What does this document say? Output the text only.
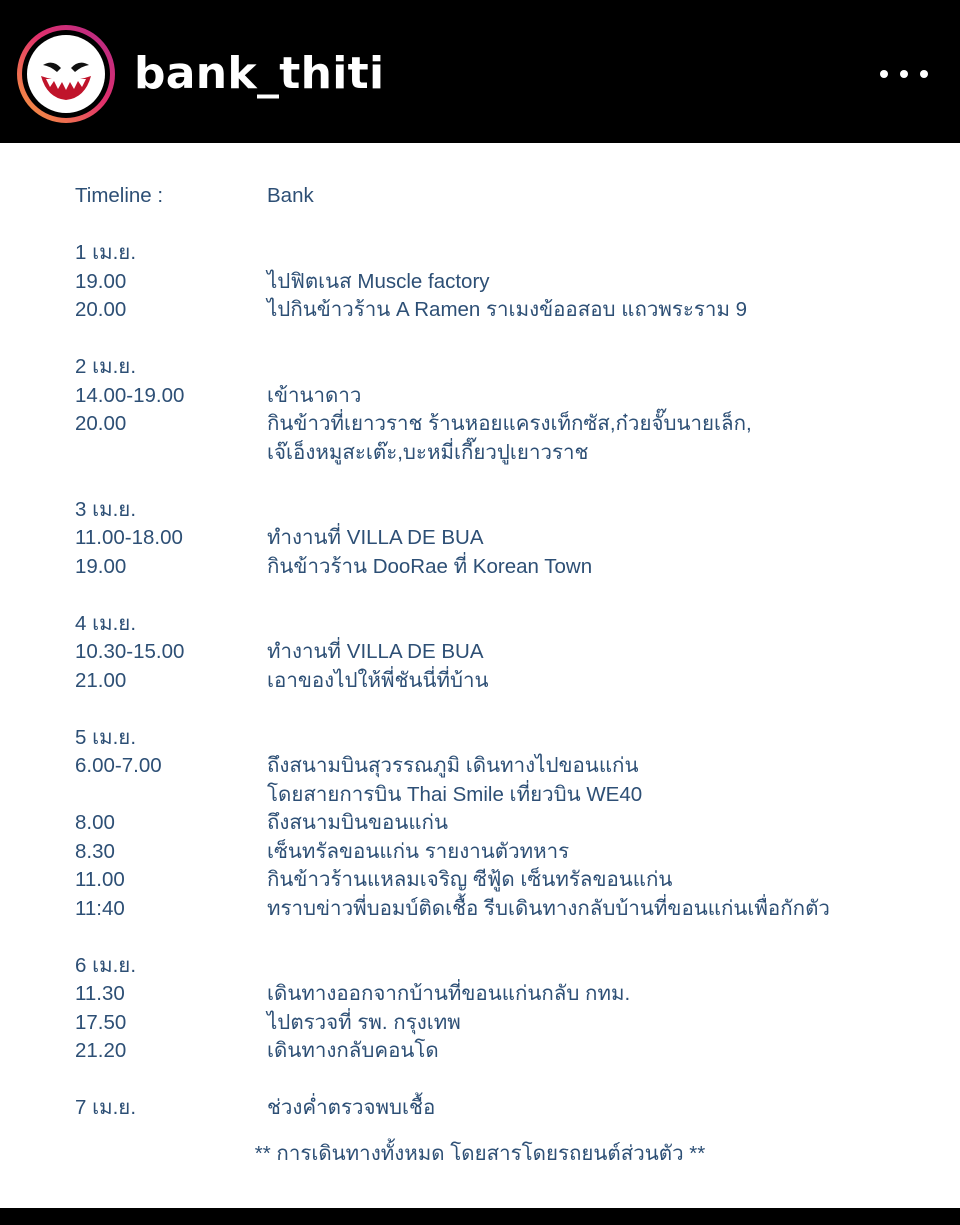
bank_thiti
Timeline :	Bank
1 เม.ย.
19.00	ไปฟิตเนส Muscle factory
20.00	ไปกินข้าวร้าน A Ramen ราเมงข้ออสอบ แถวพระราม 9
2 เม.ย.
14.00-19.00	เข้านาดาว
20.00	กินข้าวที่เยาวราช ร้านหอยแครงเท็กซัส,ก๋วยจั๊บนายเล็ก,
เจ๊เอ็งหมูสะเต๊ะ,บะหมี่เกี๊ยวปูเยาวราช
3 เม.ย.
11.00-18.00	ทำงานที่ VILLA DE BUA
19.00	กินข้าวร้าน DooRae ที่ Korean Town
4 เม.ย.
10.30-15.00	ทำงานที่ VILLA DE BUA
21.00	เอาของไปให้พี่ชันนี่ที่บ้าน
5 เม.ย.
6.00-7.00	ถึงสนามบินสุวรรณภูมิ เดินทางไปขอนแก่น
โดยสายการบิน Thai Smile เที่ยวบิน WE40
8.00	ถึงสนามบินขอนแก่น
8.30	เซ็นทรัลขอนแก่น รายงานตัวทหาร
11.00	กินข้าวร้านแหลมเจริญ ซีฟู้ด เซ็นทรัลขอนแก่น
11:40	ทราบข่าวพี่บอมบ์ติดเชื้อ รีบเดินทางกลับบ้านที่ขอนแก่นเพื่อกักตัว
6 เม.ย.
11.30	เดินทางออกจากบ้านที่ขอนแก่นกลับ กทม.
17.50	ไปตรวจที่ รพ. กรุงเทพ
21.20	เดินทางกลับคอนโด
7 เม.ย.	ช่วงค่ำตรวจพบเชื้อ
** การเดินทางทั้งหมด โดยสารโดยรถยนต์ส่วนตัว **
